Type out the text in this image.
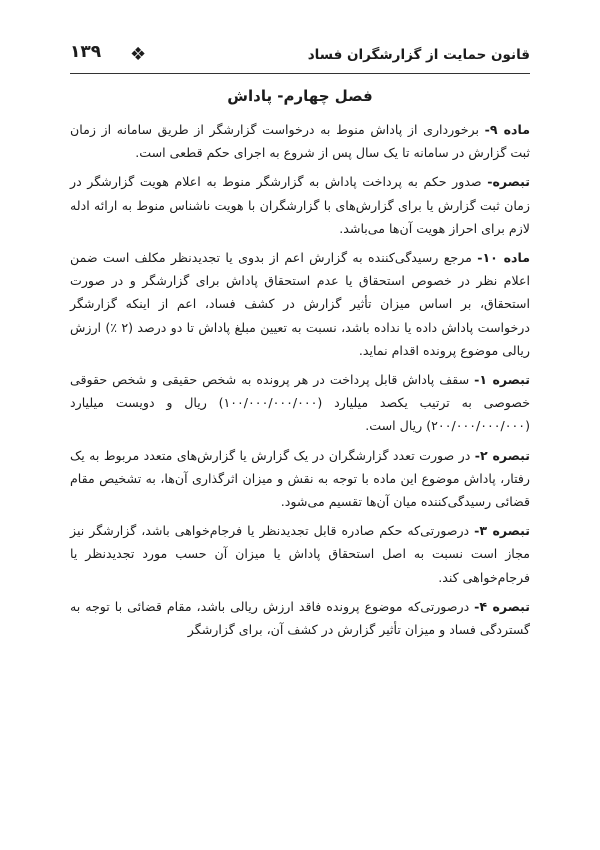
قانون حمایت از گزارشگران فساد
❖
۱۳۹
فصل چهارم- پاداش

ماده ۹- برخورداری از پاداش منوط به درخواست گزارشگر از طریق سامانه از زمان ثبت گزارش در سامانه تا یک سال پس از شروع به اجرای حکم قطعی است.

تبصره- صدور حکم به پرداخت پاداش به گزارشگر منوط به اعلام هویت گزارشگر در زمان ثبت گزارش یا برای گزارش‌های با گزارشگران با هویت ناشناس منوط به ارائه ادله لازم برای احراز هویت آن‌ها می‌باشد.

ماده ۱۰- مرجع رسیدگی‌کننده به گزارش اعم از بدوی یا تجدیدنظر مکلف است ضمن اعلام نظر در خصوص استحقاق یا عدم استحقاق پاداش برای گزارشگر و در صورت استحقاق، بر اساس میزان تأثیر گزارش در کشف فساد، اعم از اینکه گزارشگر درخواست پاداش داده یا نداده باشد، نسبت به تعیین مبلغ پاداش تا دو درصد (۲ ٪) ارزش ریالی موضوع پرونده اقدام نماید.

تبصره ۱- سقف پاداش قابل پرداخت در هر پرونده به شخص حقیقی و شخص حقوقی خصوصی به ترتیب یکصد میلیارد (۱۰۰/۰۰۰/۰۰۰/۰۰۰) ریال و دویست میلیارد (۲۰۰/۰۰۰/۰۰۰/۰۰۰) ریال است.

تبصره ۲- در صورت تعدد گزارشگران در یک گزارش یا گزارش‌های متعدد مربوط به یک رفتار، پاداش موضوع این ماده با توجه به نقش و میزان اثرگذاری آن‌ها، به تشخیص مقام قضائی رسیدگی‌کننده میان آن‌ها تقسیم می‌شود.

تبصره ۳- درصورتی‌که حکم صادره قابل تجدیدنظر یا فرجام‌خواهی باشد، گزارشگر نیز مجاز است نسبت به اصل استحقاق پاداش یا میزان آن حسب مورد تجدیدنظر یا فرجام‌خواهی کند.

تبصره ۴- درصورتی‌که موضوع پرونده فاقد ارزش ریالی باشد، مقام قضائی با توجه به گستردگی فساد و میزان تأثیر گزارش در کشف آن، برای گزارشگر
